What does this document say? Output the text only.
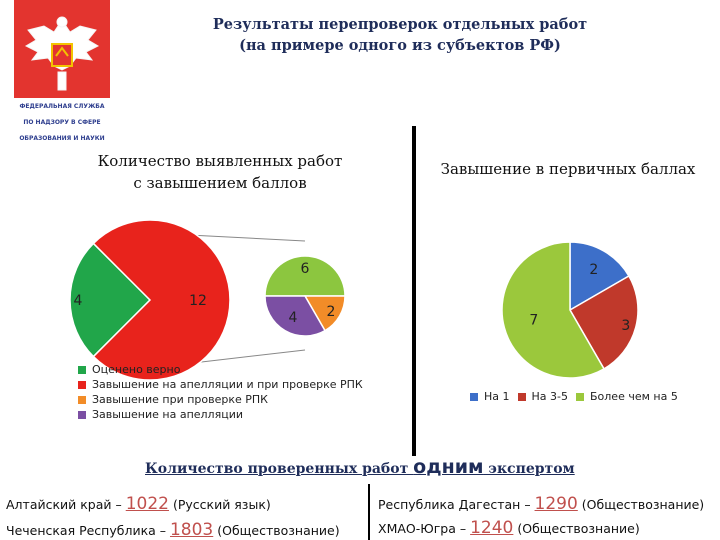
ФЕДЕРАЛЬНАЯ СЛУЖБА
ПО НАДЗОРУ В СФЕРЕ
ОБРАЗОВАНИЯ И НАУКИ
Результаты перепроверок отдельных работ
(на примере одного из субъектов РФ)
Количество выявленных работ
с завышением баллов
Завышение в первичных баллах
4	12
6
2
4
2
3
7
Оценено верно
Завышение на апелляции и при проверке РПК
Завышение при проверке РПК
Завышение на апелляции
На 1 На 3-5 Более чем на 5
Количество проверенных работ одним экспертом
Алтайский край – 1022 (Русский язык)
Чеченская Республика – 1803 (Обществознание)
Республика Дагестан – 1290 (Обществознание)
ХМАО-Югра – 1240 (Обществознание)
